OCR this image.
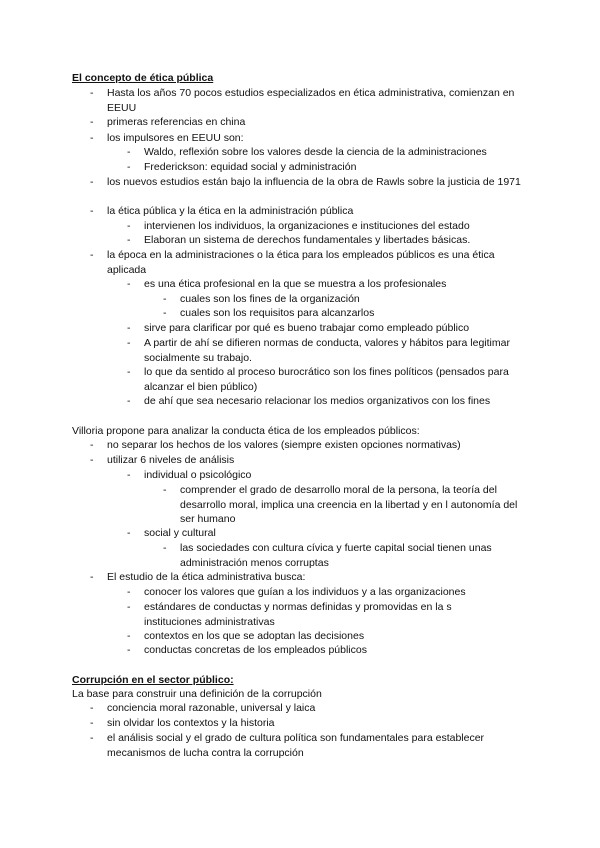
El concepto de ética pública
- Hasta los años 70 pocos estudios especializados en ética administrativa, comienzan en EEUU
- primeras referencias en china
- los impulsores en EEUU son:
- Waldo, reflexión sobre los valores desde la ciencia de la administraciones
- Frederickson: equidad social y administración
- los nuevos estudios están bajo la influencia de la obra de Rawls sobre la justicia de 1971
- la ética pública y la ética en la administración pública
- intervienen los individuos, la organizaciones e instituciones del estado
- Elaboran un sistema de derechos fundamentales y libertades básicas.
- la época en la administraciones o la ética para los empleados públicos es una ética aplicada
- es una ética profesional en la que se muestra a los profesionales
- cuales son los fines de la organización
- cuales son los requisitos para alcanzarlos
- sirve para clarificar por qué es bueno trabajar como empleado público
- A partir de ahí se difieren normas de conducta, valores y hábitos para legitimar socialmente su trabajo.
- lo que da sentido al proceso burocrático son los fines políticos (pensados para alcanzar el bien público)
- de ahí que sea necesario relacionar los medios organizativos con los fines
Villoria propone para analizar la conducta ética de los empleados públicos:
- no separar los hechos de los valores (siempre existen opciones normativas)
- utilizar 6 niveles de análisis
- individual o psicológico
- comprender el grado de desarrollo moral de la persona, la teoría del desarrollo moral, implica una creencia en la libertad y en l autonomía del ser humano
- social y cultural
- las sociedades con cultura cívica y fuerte capital social tienen unas administración menos corruptas
- El estudio de la ética administrativa busca:
- conocer los valores que guían a los individuos y a las organizaciones
- estándares de conductas y normas definidas y promovidas en la s instituciones administrativas
- contextos en los que se adoptan las decisiones
- conductas concretas de los empleados públicos
Corrupción en el sector público:
La base para construir una definición de la corrupción
- conciencia moral razonable, universal y laica
- sin olvidar los contextos y la historia
- el análisis social y el grado de cultura política son fundamentales para establecer mecanismos de lucha contra la corrupción
